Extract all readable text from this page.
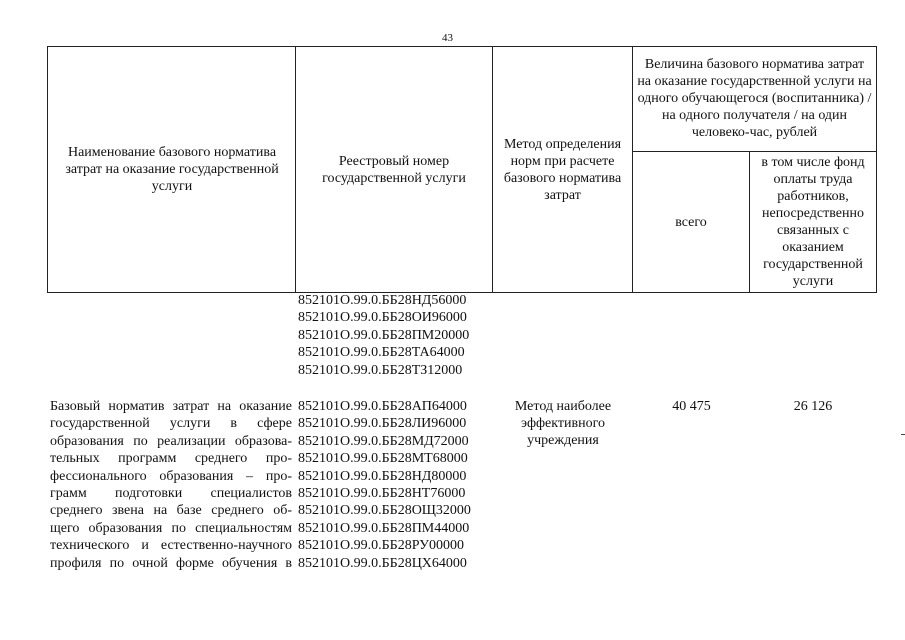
43
Наименование базового норматива затрат на оказание государственной услуги
Реестровый номер государственной услуги
Метод определения норм при расчете базового норматива затрат
Величина базового норматива затрат на оказание государственной услуги на одного обучающегося (воспитанника) / на одного получателя / на один человеко-час, рублей
всего
в том числе фонд оплаты труда работников, непосредственно связанных с оказанием государственной услуги
852101О.99.0.ББ28НД56000
852101О.99.0.ББ28ОИ96000
852101О.99.0.ББ28ПМ20000
852101О.99.0.ББ28ТА64000
852101О.99.0.ББ28ТЗ12000
Базовый норматив затрат на оказание
государственной услуги в сфере
образования по реализации образова-
тельных программ среднего про-
фессионального образования – про-
грамм подготовки специалистов
среднего звена на базе среднего об-
щего образования по специальностям
технического и естественно-научного
профиля по очной форме обучения в
852101О.99.0.ББ28АП64000
852101О.99.0.ББ28ЛИ96000
852101О.99.0.ББ28МД72000
852101О.99.0.ББ28МТ68000
852101О.99.0.ББ28НД80000
852101О.99.0.ББ28НТ76000
852101О.99.0.ББ28ОЩ32000
852101О.99.0.ББ28ПМ44000
852101О.99.0.ББ28РУ00000
852101О.99.0.ББ28ЦХ64000
Метод наиболее эффективного учреждения
40 475	26 126
